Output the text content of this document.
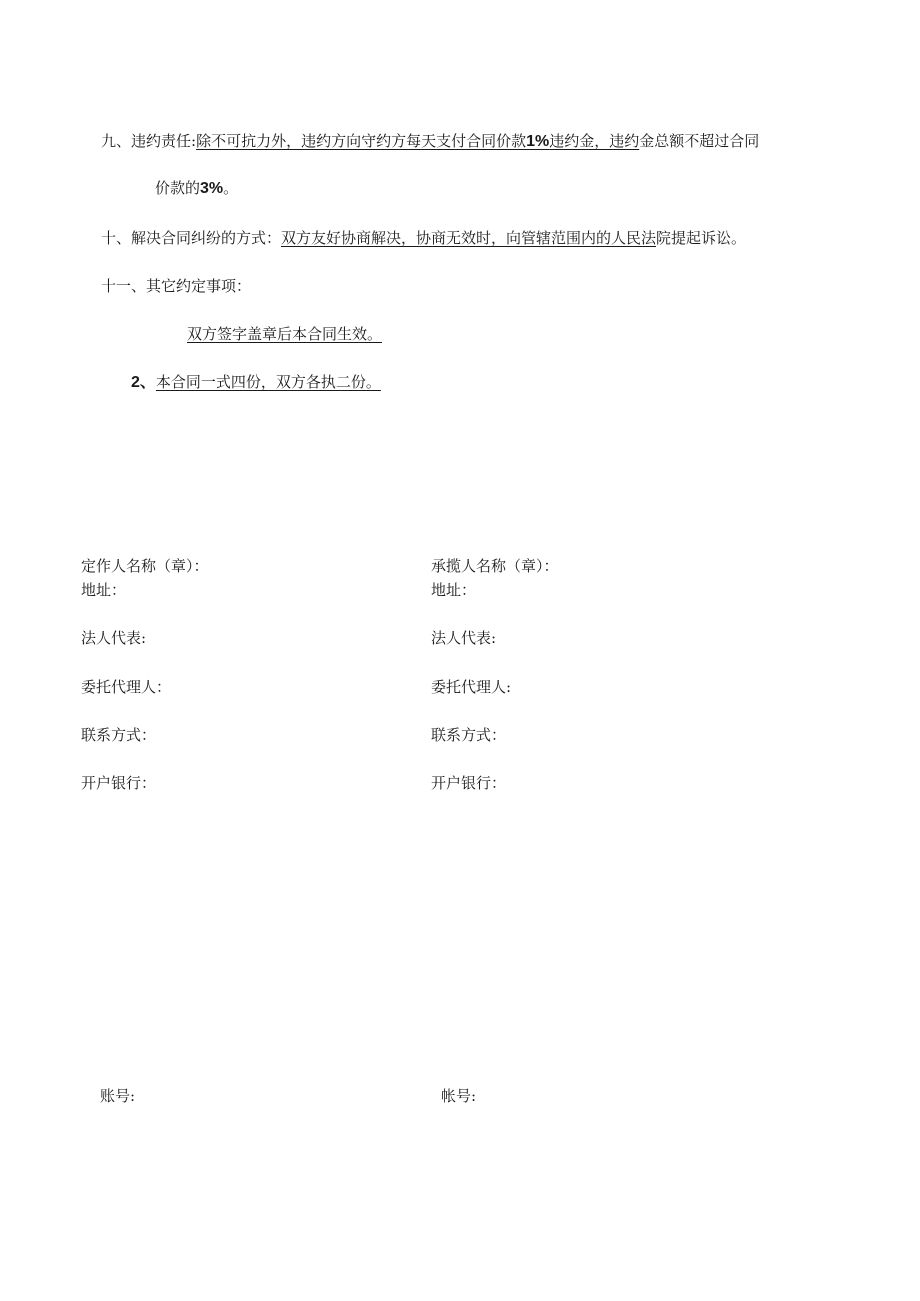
九、违约责任:除不可抗力外，违约方向守约方每天支付合同价款1%违约金，违约金总额不超过合同
价款的3%。
十、解决合同纠纷的方式：双方友好协商解决，协商无效时，向管辖范围内的人民法院提起诉讼。
十一、其它约定事项：
双方签字盖章后本合同生效。
2、本合同一式四份，双方各执二份。
定作人名称（章）：
地址：
法人代表:
委托代理人：
联系方式：
开户银行：
账号:
承揽人名称（章）：
地址：
法人代表:
委托代理人:
联系方式：
开户银行：
帐号:
